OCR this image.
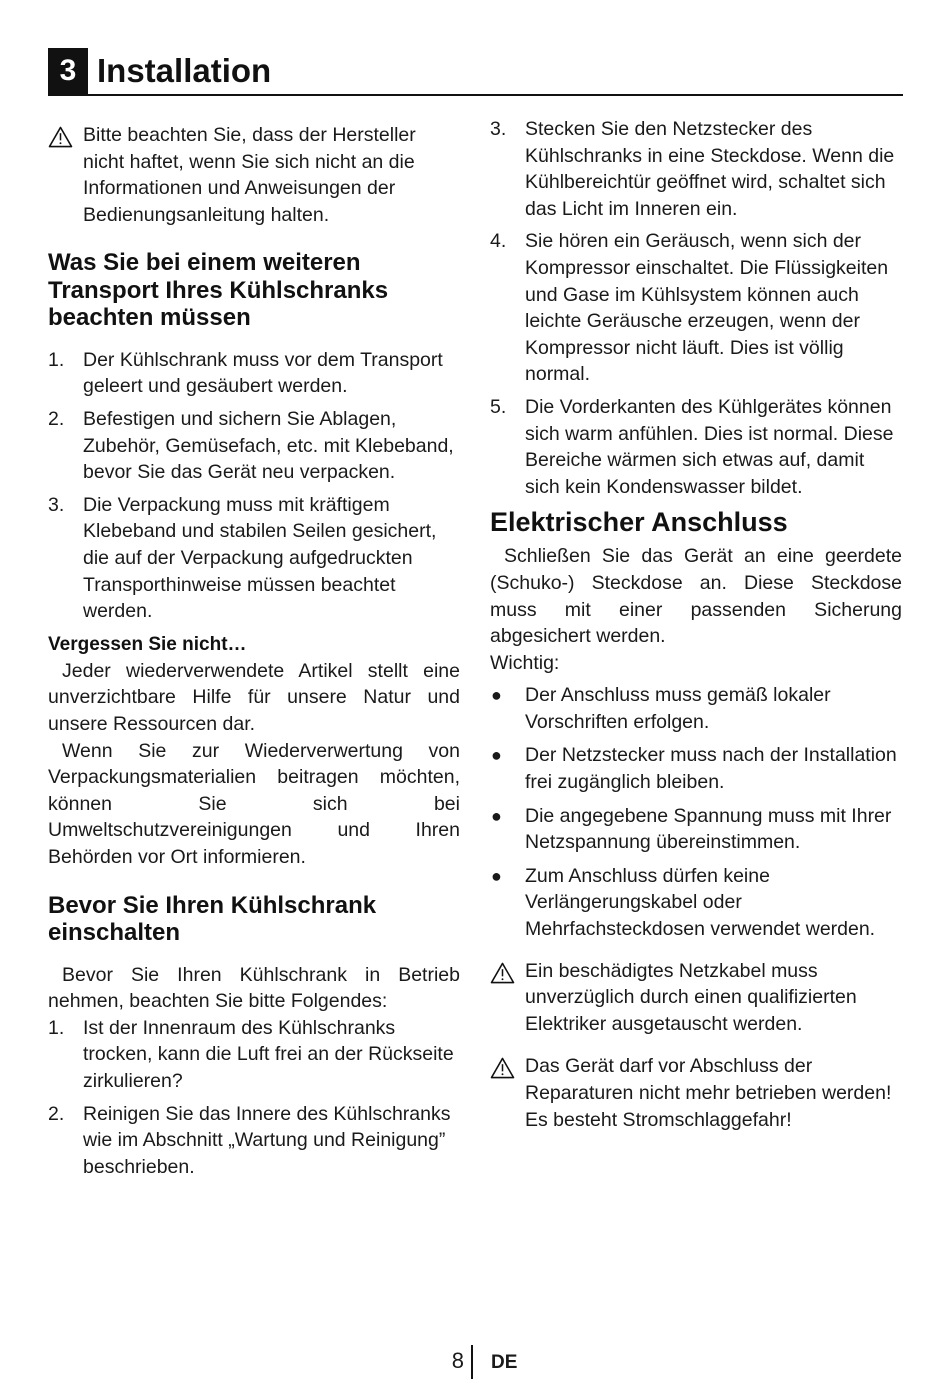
3 Installation
Bitte beachten Sie, dass der Hersteller nicht haftet, wenn Sie sich nicht an die Informationen und Anweisungen der Bedienungsanleitung halten.
Was Sie bei einem weiteren Transport Ihres Kühlschranks beachten müssen
1. Der Kühlschrank muss vor dem Transport geleert und gesäubert werden.
2. Befestigen und sichern Sie Ablagen, Zubehör, Gemüsefach, etc. mit Klebeband, bevor Sie das Gerät neu verpacken.
3. Die Verpackung muss mit kräftigem Klebeband und stabilen Seilen gesichert, die auf der Verpackung aufgedruckten Transporthinweise müssen beachtet werden.
Vergessen Sie nicht…

Jeder wiederverwendete Artikel stellt eine unverzichtbare Hilfe für unsere Natur und unsere Ressourcen dar.

Wenn Sie zur Wiederverwertung von Verpackungsmaterialien beitragen möchten, können Sie sich bei Umweltschutzvereinigungen und Ihren Behörden vor Ort informieren.

Bevor Sie Ihren Kühlschrank einschalten

Bevor Sie Ihren Kühlschrank in Betrieb nehmen, beachten Sie bitte Folgendes:

1. Ist der Innenraum des Kühlschranks trocken, kann die Luft frei an der Rückseite zirkulieren?
2. Reinigen Sie das Innere des Kühlschranks wie im Abschnitt „Wartung und Reinigung” beschrieben.
3. Stecken Sie den Netzstecker des Kühlschranks in eine Steckdose. Wenn die Kühlbereichtür geöffnet wird, schaltet sich das Licht im Inneren ein.
4. Sie hören ein Geräusch, wenn sich der Kompressor einschaltet. Die Flüssigkeiten und Gase im Kühlsystem können auch leichte Geräusche erzeugen, wenn der Kompressor nicht läuft. Dies ist völlig normal.
5. Die Vorderkanten des Kühlgerätes können sich warm anfühlen. Dies ist normal. Diese Bereiche wärmen sich etwas auf, damit sich kein Kondenswasser bildet.
Elektrischer Anschluss

Schließen Sie das Gerät an eine geerdete (Schuko-) Steckdose an. Diese Steckdose muss mit einer passenden Sicherung abgesichert werden.

Wichtig:

● Der Anschluss muss gemäß lokaler Vorschriften erfolgen.
● Der Netzstecker muss nach der Installation frei zugänglich bleiben.
● Die angegebene Spannung muss mit Ihrer Netzspannung übereinstimmen.
● Zum Anschluss dürfen keine Verlängerungskabel oder Mehrfachsteckdosen verwendet werden.
Ein beschädigtes Netzkabel muss unverzüglich durch einen qualifizierten Elektriker ausgetauscht werden.
Das Gerät darf vor Abschluss der Reparaturen nicht mehr betrieben werden! Es besteht Stromschlaggefahr!
8 DE
